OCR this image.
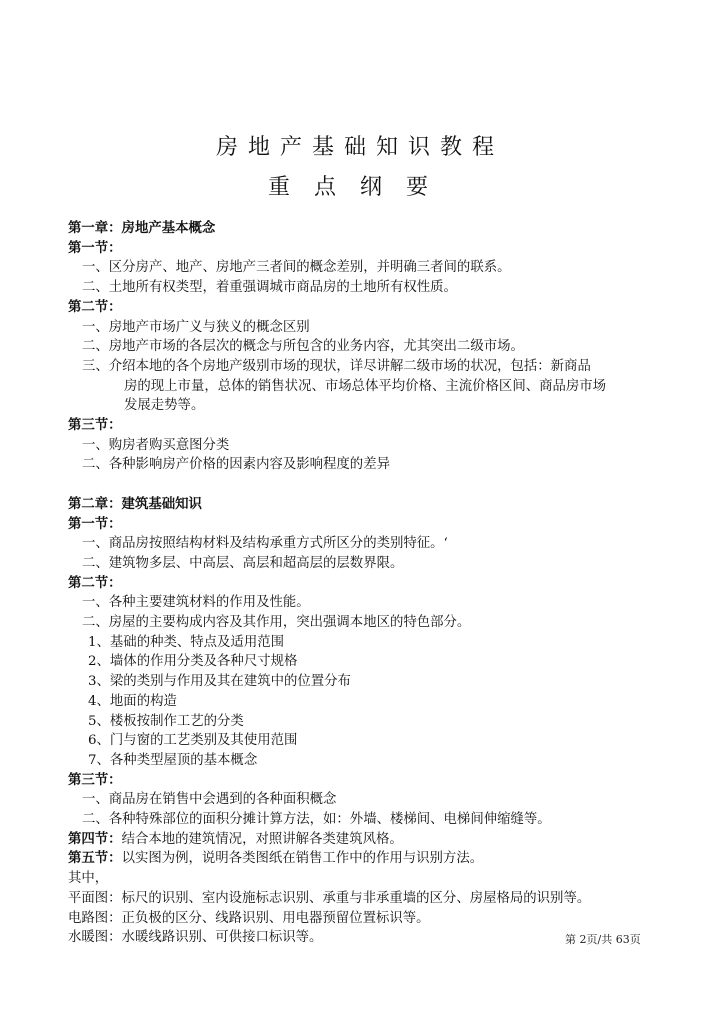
房地产基础知识教程
重点纲要
第一章：房地产基本概念
第一节：
一、区分房产、地产、房地产三者间的概念差别，并明确三者间的联系。
二、土地所有权类型，着重强调城市商品房的土地所有权性质。
第二节：
一、房地产市场广义与狭义的概念区别
二、房地产市场的各层次的概念与所包含的业务内容，尤其突出二级市场。
三、介绍本地的各个房地产级别市场的现状，详尽讲解二级市场的状况，包括：新商品
房的现上市量，总体的销售状况、市场总体平均价格、主流价格区间、商品房市场
发展走势等。
第三节：
一、购房者购买意图分类
二、各种影响房产价格的因素内容及影响程度的差异
第二章：建筑基础知识
第一节：
一、商品房按照结构材料及结构承重方式所区分的类别特征。‘
二、建筑物多层、中高层、高层和超高层的层数界限。
第二节：
一、各种主要建筑材料的作用及性能。
二、房屋的主要构成内容及其作用，突出强调本地区的特色部分。
1、基础的种类、特点及适用范围
2、墙体的作用分类及各种尺寸规格
3、梁的类别与作用及其在建筑中的位置分布
4、地面的构造
5、楼板按制作工艺的分类
6、门与窗的工艺类别及其使用范围
7、各种类型屋顶的基本概念
第三节：
一、商品房在销售中会遇到的各种面积概念
二、各种特殊部位的面积分摊计算方法，如：外墙、楼梯间、电梯间伸缩缝等。
第四节：结合本地的建筑情况，对照讲解各类建筑风格。
第五节：以实图为例，说明各类图纸在销售工作中的作用与识别方法。
其中，
平面图：标尺的识别、室内设施标志识别、承重与非承重墙的区分、房屋格局的识别等。
电路图：正负极的区分、线路识别、用电器预留位置标识等。
水暖图：水暖线路识别、可供接口标识等。	第 2页/共 63页
